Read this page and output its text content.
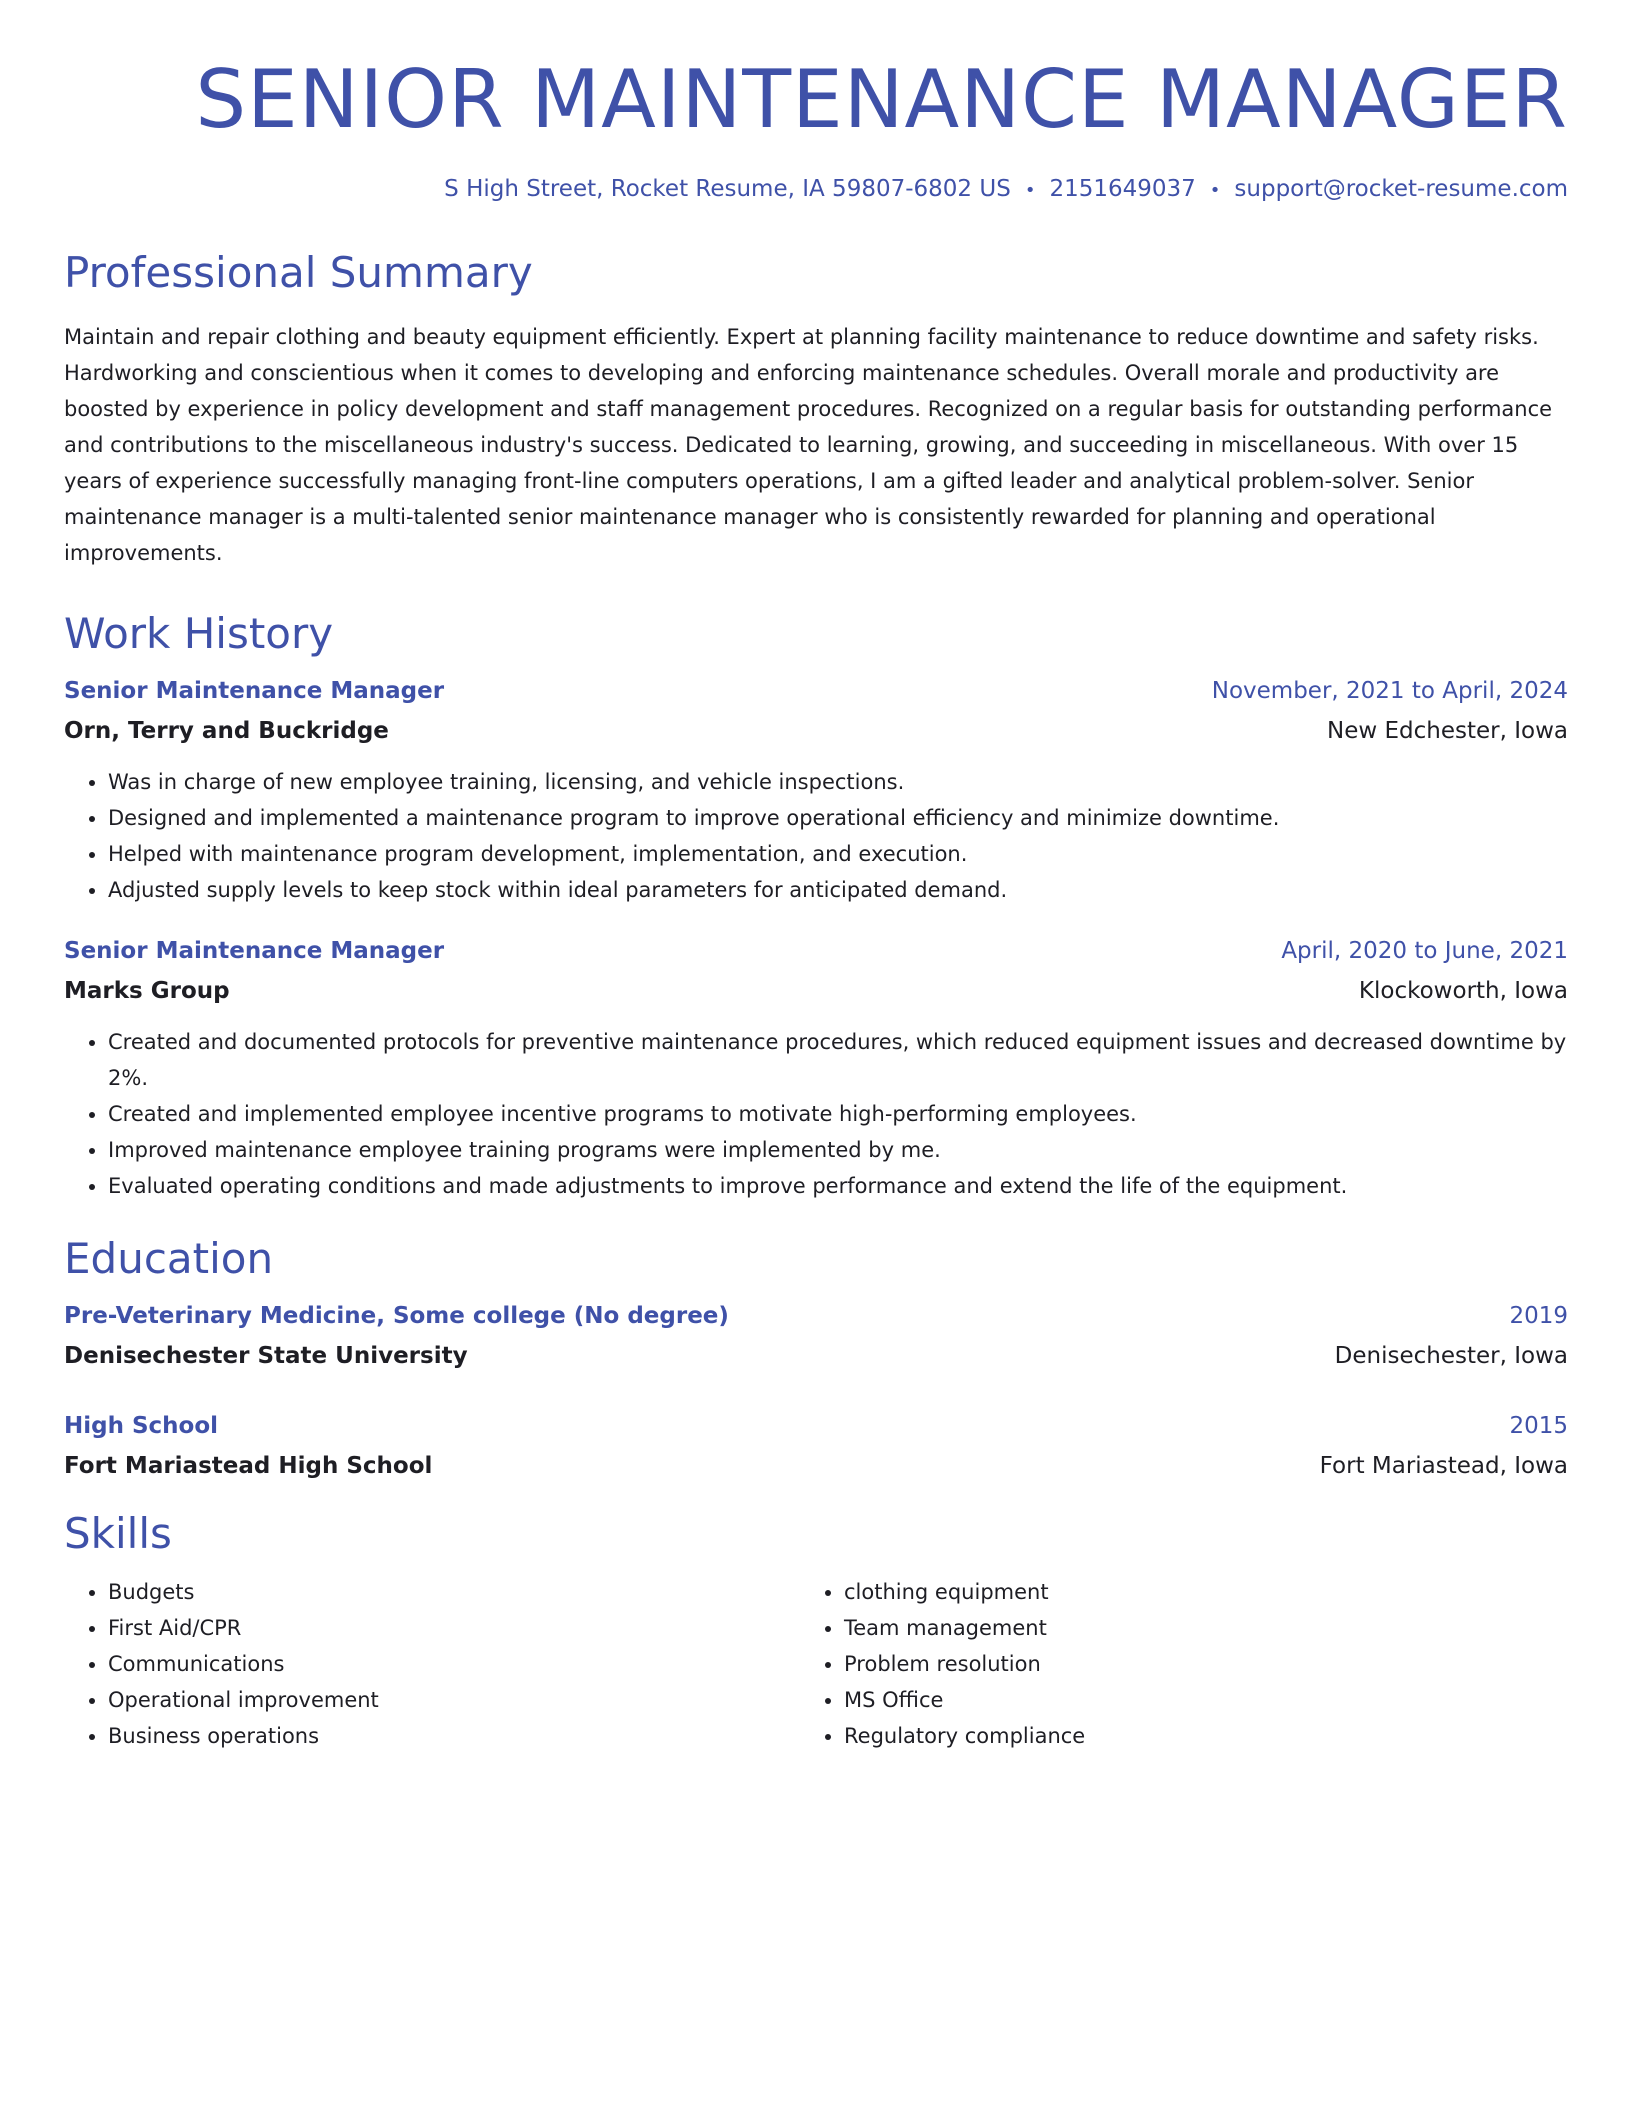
SENIOR MAINTENANCE MANAGER
S High Street, Rocket Resume, IA 59807-6802 US • 2151649037 • support@rocket-resume.com
Professional Summary
Maintain and repair clothing and beauty equipment efficiently. Expert at planning facility maintenance to reduce downtime and safety risks. Hardworking and conscientious when it comes to developing and enforcing maintenance schedules. Overall morale and productivity are boosted by experience in policy development and staff management procedures. Recognized on a regular basis for outstanding performance and contributions to the miscellaneous industry's success. Dedicated to learning, growing, and succeeding in miscellaneous. With over 15 years of experience successfully managing front-line computers operations, I am a gifted leader and analytical problem-solver. Senior maintenance manager is a multi-talented senior maintenance manager who is consistently rewarded for planning and operational improvements.
Work History
Senior Maintenance Manager	November, 2021 to April, 2024
Orn, Terry and Buckridge	New Edchester, Iowa
• Was in charge of new employee training, licensing, and vehicle inspections.
• Designed and implemented a maintenance program to improve operational efficiency and minimize downtime.
• Helped with maintenance program development, implementation, and execution.
• Adjusted supply levels to keep stock within ideal parameters for anticipated demand.
Senior Maintenance Manager	April, 2020 to June, 2021
Marks Group	Klockoworth, Iowa
• Created and documented protocols for preventive maintenance procedures, which reduced equipment issues and decreased downtime by 2%.
• Created and implemented employee incentive programs to motivate high-performing employees.
• Improved maintenance employee training programs were implemented by me.
• Evaluated operating conditions and made adjustments to improve performance and extend the life of the equipment.
Education
Pre-Veterinary Medicine, Some college (No degree)	2019
Denisechester State University	Denisechester, Iowa
High School	2015
Fort Mariastead High School	Fort Mariastead, Iowa
Skills
• Budgets
• First Aid/CPR
• Communications
• Operational improvement
• Business operations
• clothing equipment
• Team management
• Problem resolution
• MS Office
• Regulatory compliance
